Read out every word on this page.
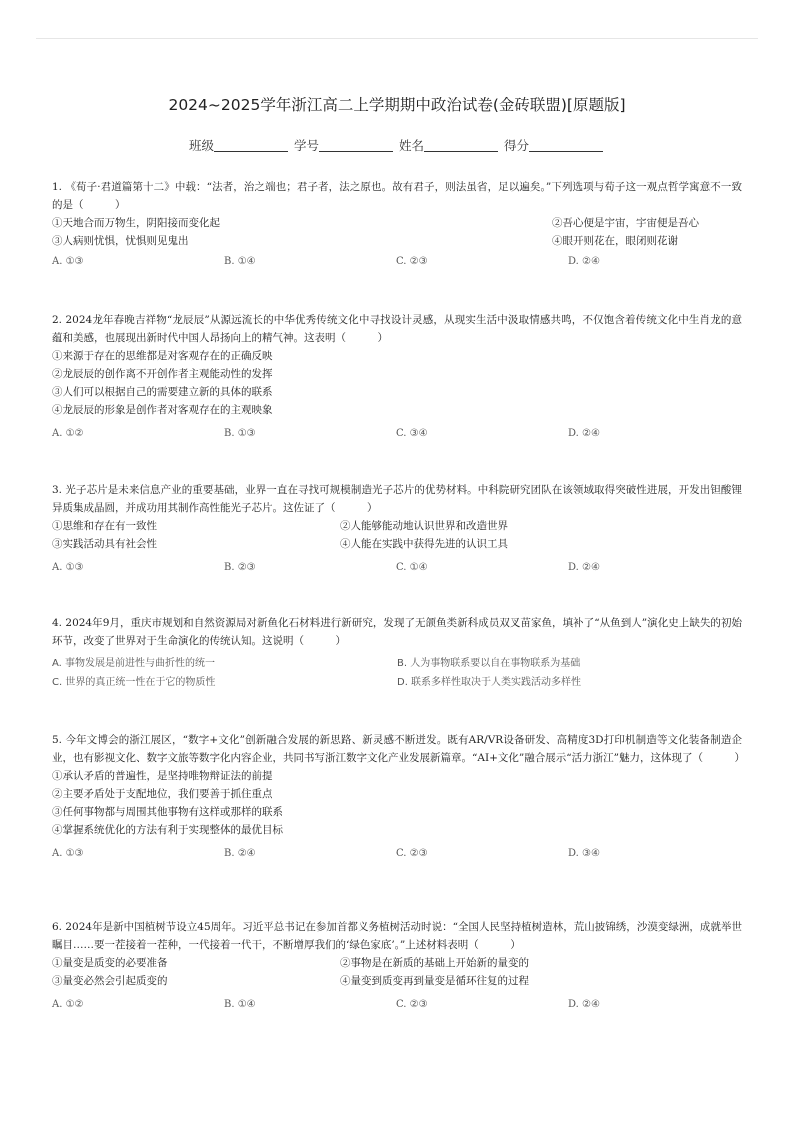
2024~2025学年浙江高二上学期期中政治试卷(金砖联盟)[原题版]
班级	学号	姓名	得分

1. 《荀子·君道篇第十二》中载：“法者，治之端也；君子者，法之原也。故有君子，则法虽省，足以遍矣。”下列选项与荀子这一观点哲学寓意不一致的是（　　　）

①天地合而万物生，阴阳接而变化起	②吾心便是宇宙，宇宙便是吾心
③人病则忧惧，忧惧则见鬼出	④眼开则花在，眼闭则花谢
A. ①③	B. ①④	C. ②③	D. ②④

2. 2024龙年春晚吉祥物“龙辰辰”从源远流长的中华优秀传统文化中寻找设计灵感，从现实生活中汲取情感共鸣，不仅饱含着传统文化中生肖龙的意蕴和美感，也展现出新时代中国人昂扬向上的精气神。这表明（　　　）

①来源于存在的思维都是对客观存在的正确反映
②龙辰辰的创作离不开创作者主观能动性的发挥
③人们可以根据自己的需要建立新的具体的联系
④龙辰辰的形象是创作者对客观存在的主观映象
A. ①②	B. ①③	C. ③④	D. ②④

3. 光子芯片是未来信息产业的重要基础，业界一直在寻找可规模制造光子芯片的优势材料。中科院研究团队在该领域取得突破性进展，开发出钽酸锂异质集成晶圆，并成功用其制作高性能光子芯片。这佐证了（　　　）

①思维和存在有一致性	②人能够能动地认识世界和改造世界
③实践活动具有社会性	④人能在实践中获得先进的认识工具
A. ①③	B. ②③	C. ①④	D. ②④

4. 2024年9月，重庆市规划和自然资源局对新鱼化石材料进行新研究，发现了无颌鱼类新科成员双叉苗家鱼，填补了“从鱼到人”演化史上缺失的初始环节，改变了世界对于生命演化的传统认知。这说明（　　　）

A. 事物发展是前进性与曲折性的统一	B. 人为事物联系要以自在事物联系为基础
C. 世界的真正统一性在于它的物质性	D. 联系多样性取决于人类实践活动多样性

5. 今年文博会的浙江展区，“数字+文化”创新融合发展的新思路、新灵感不断迸发。既有AR/VR设备研发、高精度3D打印机制造等文化装备制造企业，也有影视文化、数字文旅等数字化内容企业，共同书写浙江数字文化产业发展新篇章。“AI+文化”融合展示“活力浙江”魅力，这体现了（　　　）

①承认矛盾的普遍性，是坚持唯物辩证法的前提
②主要矛盾处于支配地位，我们要善于抓住重点
③任何事物都与周围其他事物有这样或那样的联系
④掌握系统优化的方法有利于实现整体的最优目标
A. ①③	B. ②④	C. ②③	D. ③④

6. 2024年是新中国植树节设立45周年。习近平总书记在参加首都义务植树活动时说：“全国人民坚持植树造林，荒山披锦绣，沙漠变绿洲，成就举世瞩目……要一茬接着一茬种，一代接着一代干，不断增厚我们的‘绿色家底’。”上述材料表明（　　　）

①量变是质变的必要准备	②事物是在新质的基础上开始新的量变的
③量变必然会引起质变的	④量变到质变再到量变是循环往复的过程
A. ①②	B. ①④	C. ②③	D. ②④
